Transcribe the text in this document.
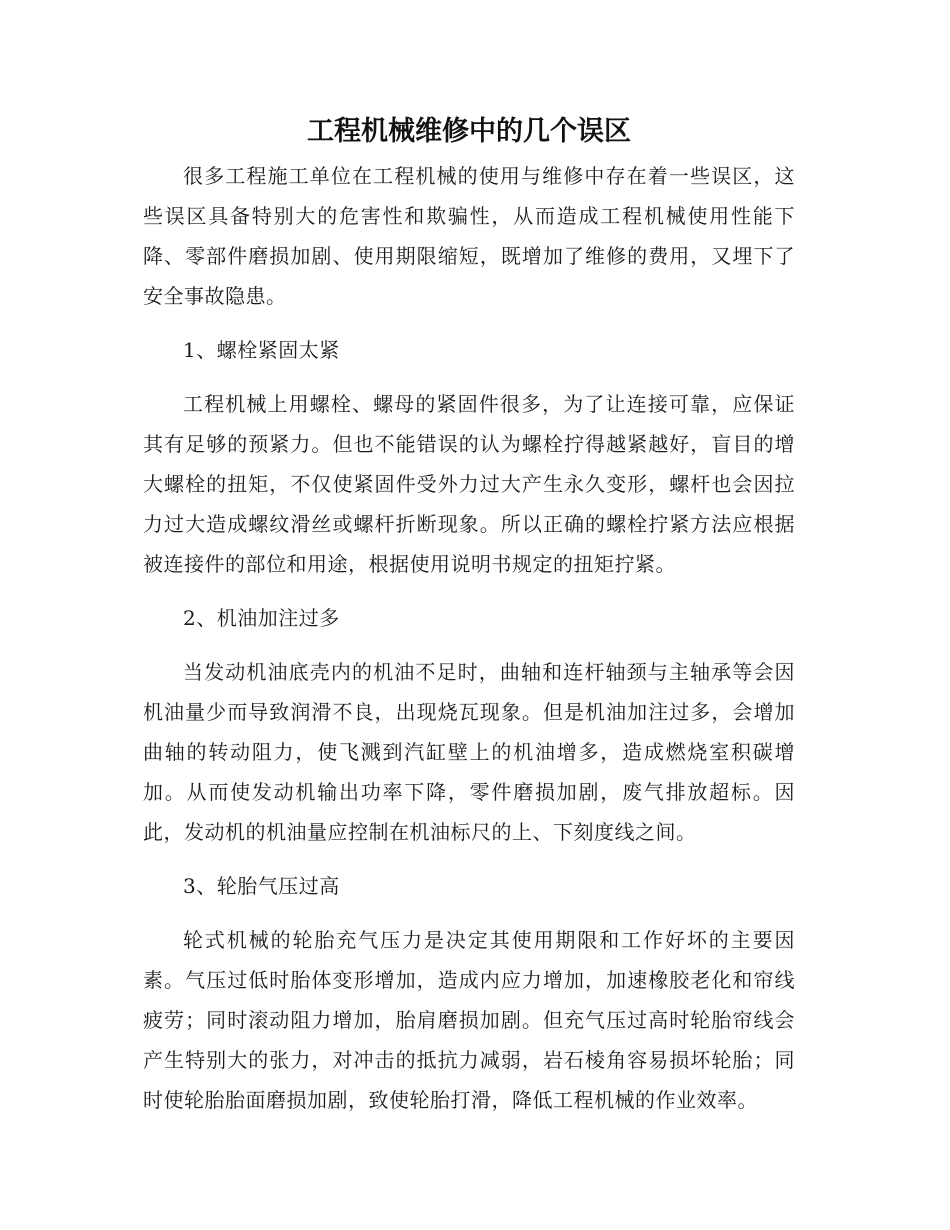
工程机械维修中的几个误区

很多工程施工单位在工程机械的使用与维修中存在着一些误区，这些误区具备特别大的危害性和欺骗性，从而造成工程机械使用性能下降、零部件磨损加剧、使用期限缩短，既增加了维修的费用，又埋下了安全事故隐患。

1、螺栓紧固太紧

工程机械上用螺栓、螺母的紧固件很多，为了让连接可靠，应保证其有足够的预紧力。但也不能错误的认为螺栓拧得越紧越好，盲目的增大螺栓的扭矩，不仅使紧固件受外力过大产生永久变形，螺杆也会因拉力过大造成螺纹滑丝或螺杆折断现象。所以正确的螺栓拧紧方法应根据被连接件的部位和用途，根据使用说明书规定的扭矩拧紧。

2、机油加注过多

当发动机油底壳内的机油不足时，曲轴和连杆轴颈与主轴承等会因机油量少而导致润滑不良，出现烧瓦现象。但是机油加注过多，会增加曲轴的转动阻力，使飞溅到汽缸壁上的机油增多，造成燃烧室积碳增加。从而使发动机输出功率下降，零件磨损加剧，废气排放超标。因此，发动机的机油量应控制在机油标尺的上、下刻度线之间。

3、轮胎气压过高

轮式机械的轮胎充气压力是决定其使用期限和工作好坏的主要因素。气压过低时胎体变形增加，造成内应力增加，加速橡胶老化和帘线疲劳；同时滚动阻力增加，胎肩磨损加剧。但充气压过高时轮胎帘线会产生特别大的张力，对冲击的抵抗力减弱，岩石棱角容易损坏轮胎；同时使轮胎胎面磨损加剧，致使轮胎打滑，降低工程机械的作业效率。
